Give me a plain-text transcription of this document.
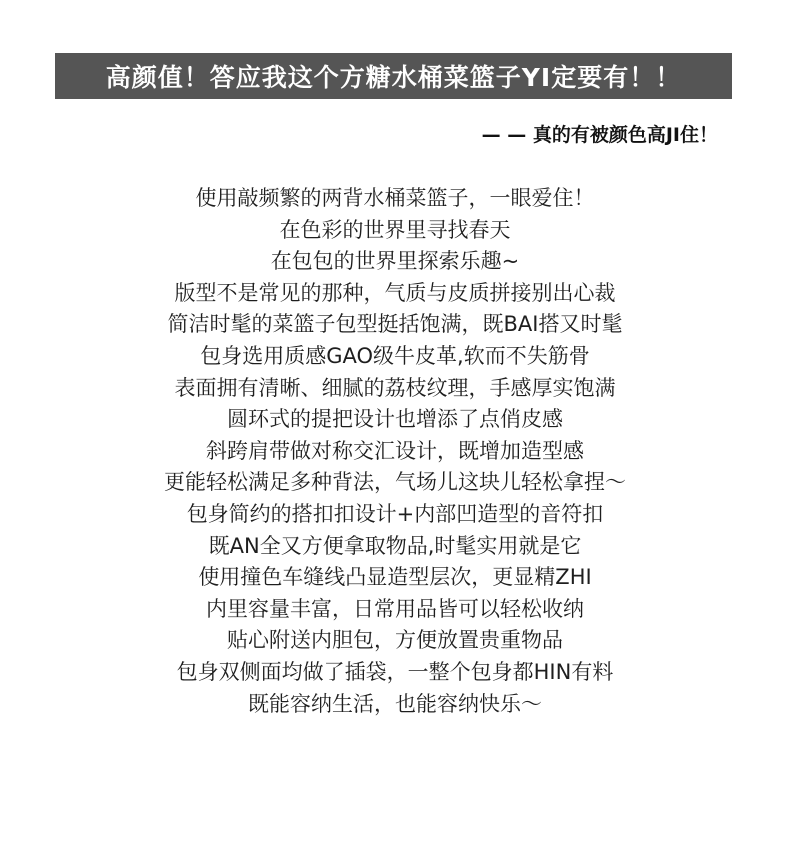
高颜值！答应我这个方糖水桶菜篮子YI定要有！！
— — 真的有被颜色高JI住！
使用敲频繁的两背水桶菜篮子，一眼爱住！
在色彩的世界里寻找春天
在包包的世界里探索乐趣~
版型不是常见的那种，气质与皮质拼接别出心裁
简洁时髦的菜篮子包型挺括饱满，既BAI搭又时髦
包身选用质感GAO级牛皮革,软而不失筋骨
表面拥有清晰、细腻的荔枝纹理，手感厚实饱满
圆环式的提把设计也增添了点俏皮感
斜跨肩带做对称交汇设计，既增加造型感
更能轻松满足多种背法，气场儿这块儿轻松拿捏～
包身简约的搭扣扣设计+内部凹造型的音符扣
既AN全又方便拿取物品,时髦实用就是它
使用撞色车缝线凸显造型层次，更显精ZHI
内里容量丰富，日常用品皆可以轻松收纳
贴心附送内胆包，方便放置贵重物品
包身双侧面均做了插袋，一整个包身都HIN有料
既能容纳生活，也能容纳快乐～
